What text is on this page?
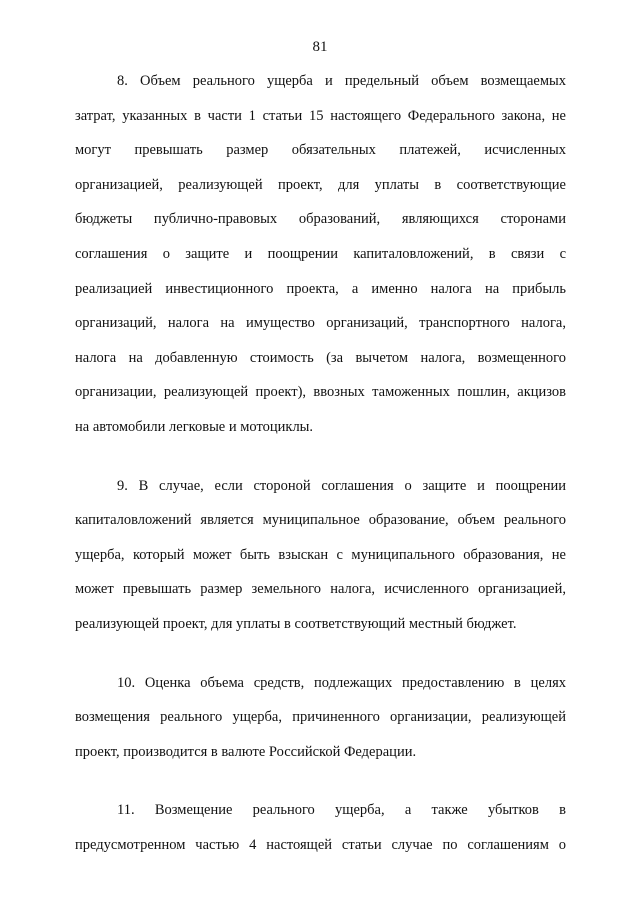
81

8. Объем реального ущерба и предельный объем возмещаемых
затрат, указанных в части 1 статьи 15 настоящего Федерального закона, не
могут превышать размер обязательных платежей, исчисленных
организацией, реализующей проект, для уплаты в соответствующие
бюджеты публично-правовых образований, являющихся сторонами
соглашения о защите и поощрении капиталовложений, в связи с
реализацией инвестиционного проекта, а именно налога на прибыль
организаций, налога на имущество организаций, транспортного налога,
налога на добавленную стоимость (за вычетом налога, возмещенного
организации, реализующей проект), ввозных таможенных пошлин, акцизов
на автомобили легковые и мотоциклы.

9. В случае, если стороной соглашения о защите и поощрении
капиталовложений является муниципальное образование, объем реального
ущерба, который может быть взыскан с муниципального образования, не
может превышать размер земельного налога, исчисленного организацией,
реализующей проект, для уплаты в соответствующий местный бюджет.

10. Оценка объема средств, подлежащих предоставлению в целях
возмещения реального ущерба, причиненного организации, реализующей
проект, производится в валюте Российской Федерации.

11. Возмещение реального ущерба, а также убытков в
предусмотренном частью 4 настоящей статьи случае по соглашениям о
